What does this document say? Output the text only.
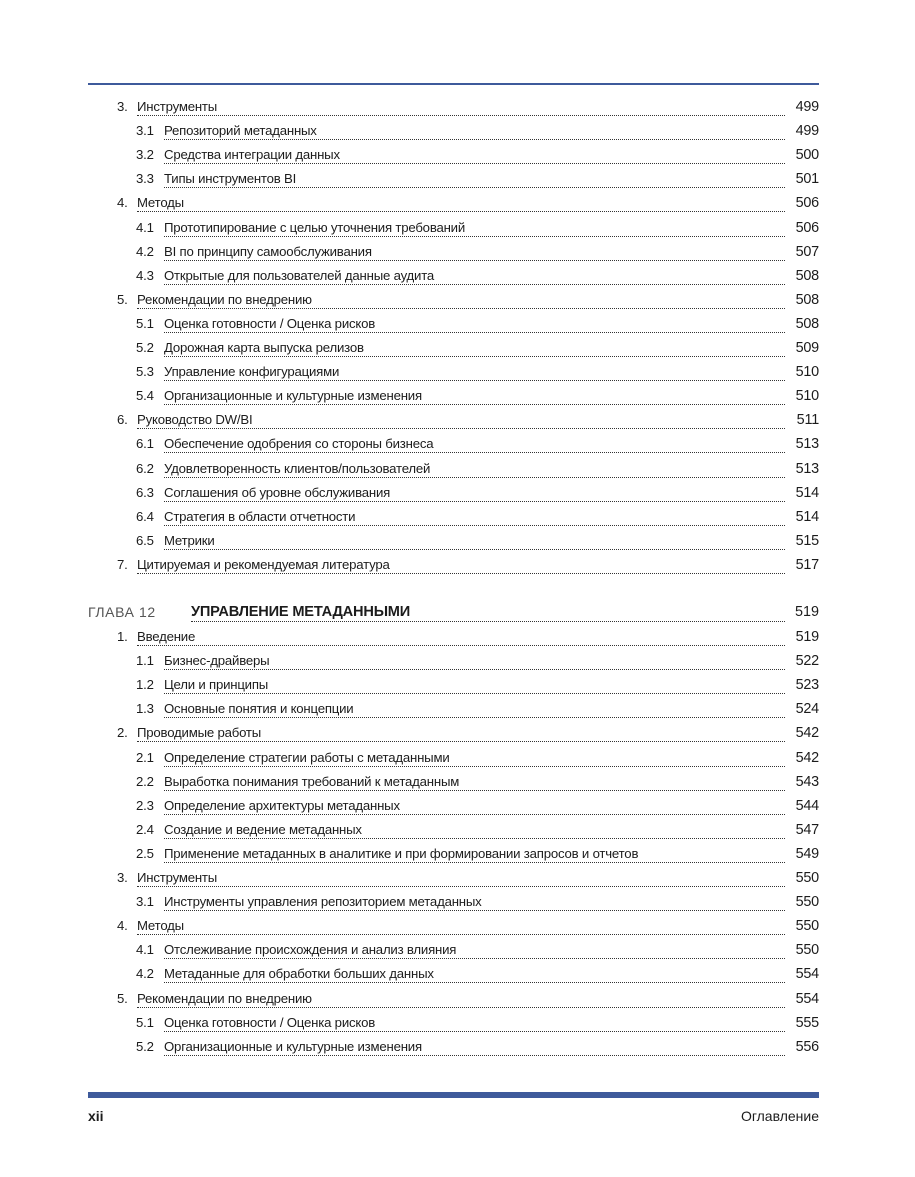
3. Инструменты	499
3.1 Репозиторий метаданных	499
3.2 Средства интеграции данных	500
3.3 Типы инструментов BI	501
4. Методы	506
4.1 Прототипирование с целью уточнения требований	506
4.2 BI по принципу самообслуживания	507
4.3 Открытые для пользователей данные аудита	508
5. Рекомендации по внедрению	508
5.1 Оценка готовности / Оценка рисков	508
5.2 Дорожная карта выпуска релизов	509
5.3 Управление конфигурациями	510
5.4 Организационные и культурные изменения	510
6. Руководство DW/BI	511
6.1 Обеспечение одобрения со стороны бизнеса	513
6.2 Удовлетворенность клиентов/пользователей	513
6.3 Соглашения об уровне обслуживания	514
6.4 Стратегия в области отчетности	514
6.5 Метрики	515
7. Цитируемая и рекомендуемая литература	517
ГЛАВА 12 УПРАВЛЕНИЕ МЕТАДАННЫМИ	519
1. Введение	519
1.1 Бизнес-драйверы	522
1.2 Цели и принципы	523
1.3 Основные понятия и концепции	524
2. Проводимые работы	542
2.1 Определение стратегии работы с метаданными	542
2.2 Выработка понимания требований к метаданным	543
2.3 Определение архитектуры метаданных	544
2.4 Создание и ведение метаданных	547
2.5 Применение метаданных в аналитике и при формировании запросов и отчетов	549
3. Инструменты	550
3.1 Инструменты управления репозиторием метаданных	550
4. Методы	550
4.1 Отслеживание происхождения и анализ влияния	550
4.2 Метаданные для обработки больших данных	554
5. Рекомендации по внедрению	554
5.1 Оценка готовности / Оценка рисков	555
5.2 Организационные и культурные изменения	556
xii	Оглавление
